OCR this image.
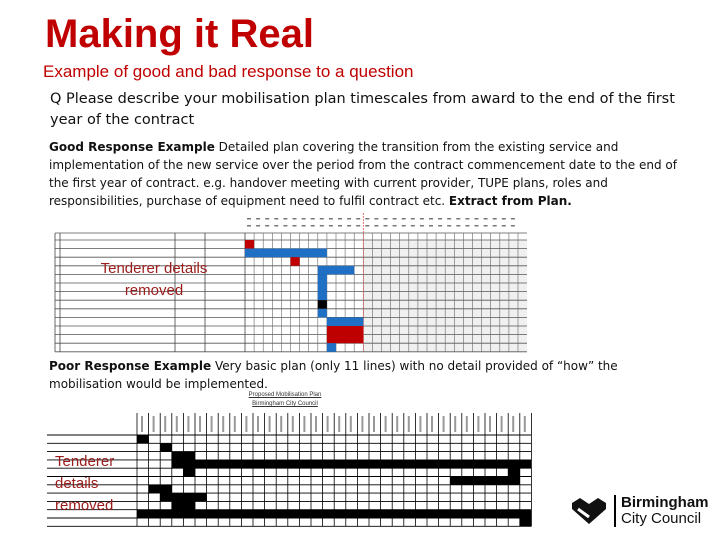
Making it Real
Example of good and bad response to a question
Q Please describe your mobilisation plan timescales from award to the end of the first year of the contract
Good Response Example Detailed plan covering the transition from the existing service and implementation of the new service over the period from the contract commencement date to the end of the first year of contract. e.g. handover meeting with current provider, TUPE plans, roles and responsibilities, purchase of equipment need to fulfil contract etc. Extract from Plan.
Tenderer details removed
Poor Response Example Very basic plan (only 11 lines) with no detail provided of “how” the mobilisation would be implemented.
Proposed Mobilisation Plan
Birmingham City Council
Tenderer
details
removed	Birmingham
City Council
